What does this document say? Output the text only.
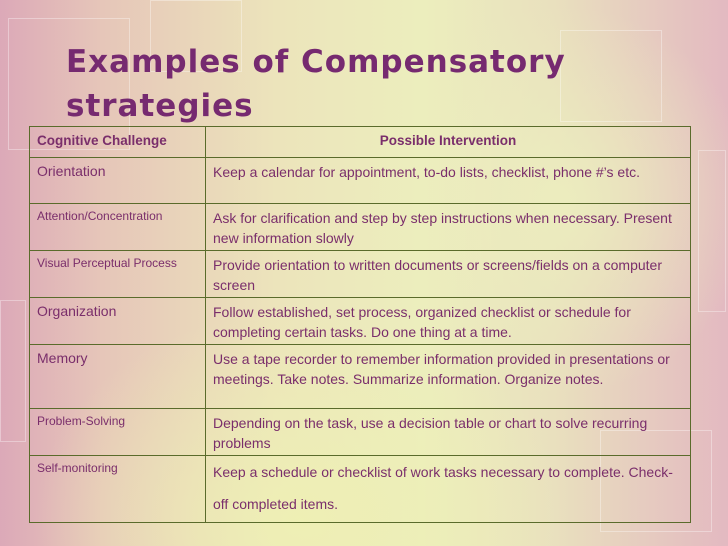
Examples of Compensatory strategies
Cognitive Challenge	Possible Intervention
Orientation	Keep a calendar for appointment, to-do lists, checklist, phone #’s etc.
Attention/Concentration	Ask for clarification and step by step instructions when necessary. Present new information slowly
Visual Perceptual Process	Provide orientation to written documents or screens/fields on a computer screen
Organization	Follow established, set process, organized checklist or schedule for completing certain tasks. Do one thing at a time.
Memory	Use a tape recorder to remember information provided in presentations or meetings. Take notes. Summarize information. Organize notes.
Problem-Solving	Depending on the task, use a decision table or chart to solve recurring problems
Self-monitoring	Keep a schedule or checklist of work tasks necessary to complete. Check-off completed items.
